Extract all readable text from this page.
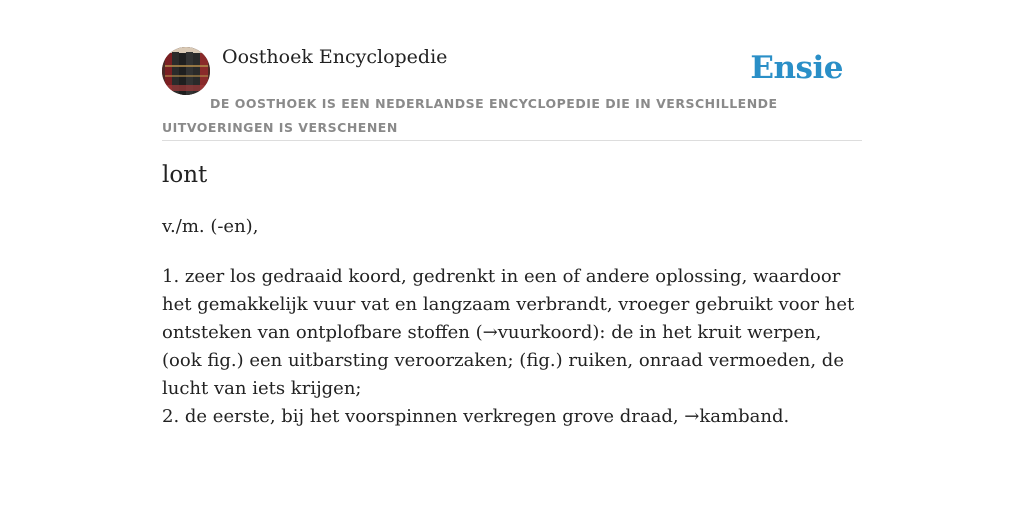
Oosthoek Encyclopedie	Ensie
DE OOSTHOEK IS EEN NEDERLANDSE ENCYCLOPEDIE DIE IN VERSCHILLENDE UITVOERINGEN IS VERSCHENEN
lont
v./m. (-en),

1. zeer los gedraaid koord, gedrenkt in een of andere oplossing, waardoor het gemakkelijk vuur vat en langzaam verbrandt, vroeger gebruikt voor het ontsteken van ontplofbare stoffen (→vuurkoord): de in het kruit werpen, (ook fig.) een uitbarsting veroorzaken; (fig.) ruiken, onraad vermoeden, de lucht van iets krijgen;

2. de eerste, bij het voorspinnen verkregen grove draad, →kamband.
